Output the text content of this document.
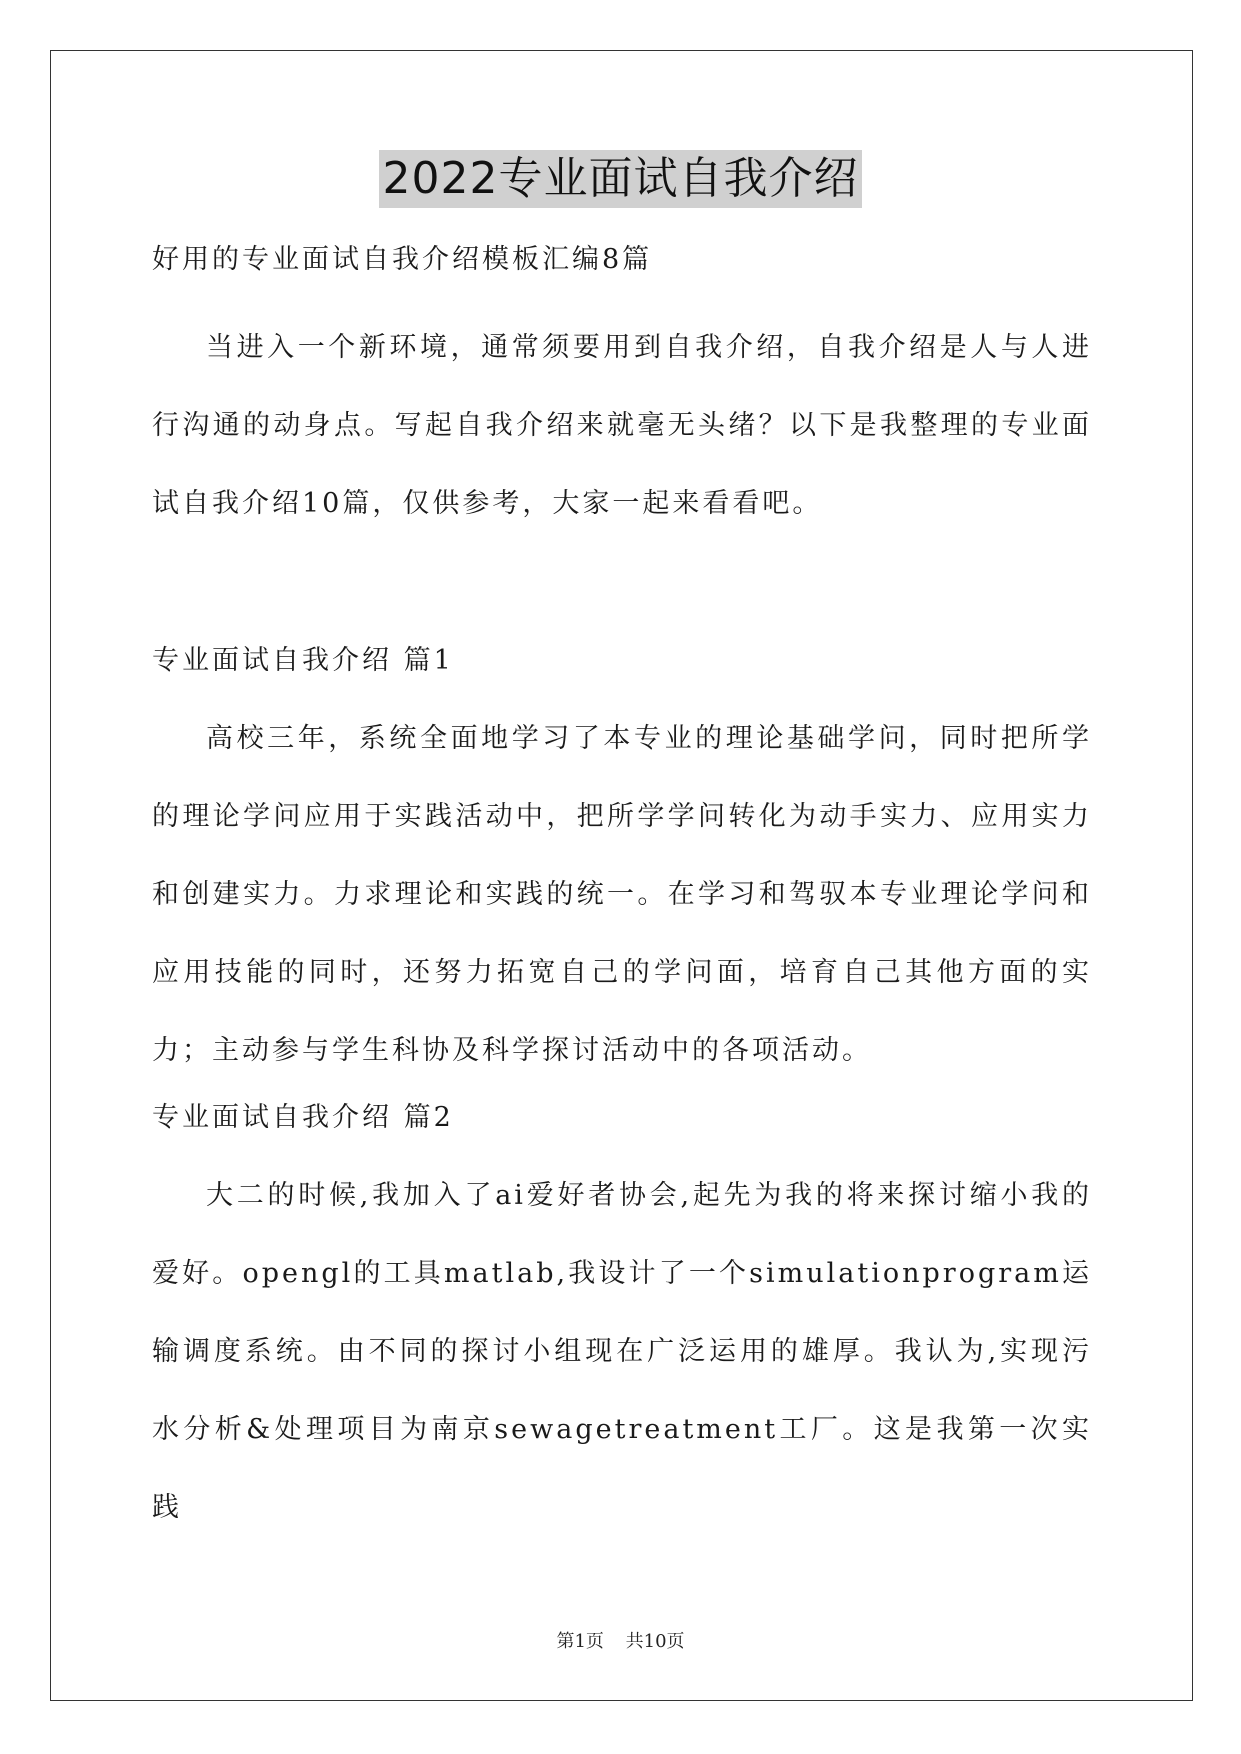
2022专业面试自我介绍
好用的专业面试自我介绍模板汇编8篇

当进入一个新环境，通常须要用到自我介绍，自我介绍是人与人进行沟通的动身点。写起自我介绍来就毫无头绪？以下是我整理的专业面试自我介绍10篇，仅供参考，大家一起来看看吧。

专业面试自我介绍 篇1

高校三年，系统全面地学习了本专业的理论基础学问，同时把所学的理论学问应用于实践活动中，把所学学问转化为动手实力、应用实力和创建实力。力求理论和实践的统一。在学习和驾驭本专业理论学问和应用技能的同时，还努力拓宽自己的学问面，培育自己其他方面的实力；主动参与学生科协及科学探讨活动中的各项活动。

专业面试自我介绍 篇2

大二的时候,我加入了ai爱好者协会,起先为我的将来探讨缩小我的爱好。opengl的工具matlab,我设计了一个simulationprogram运输调度系统。由不同的探讨小组现在广泛运用的雄厚。我认为,实现污水分析&处理项目为南京sewagetreatment工厂。这是我第一次实践

第1页 共10页
